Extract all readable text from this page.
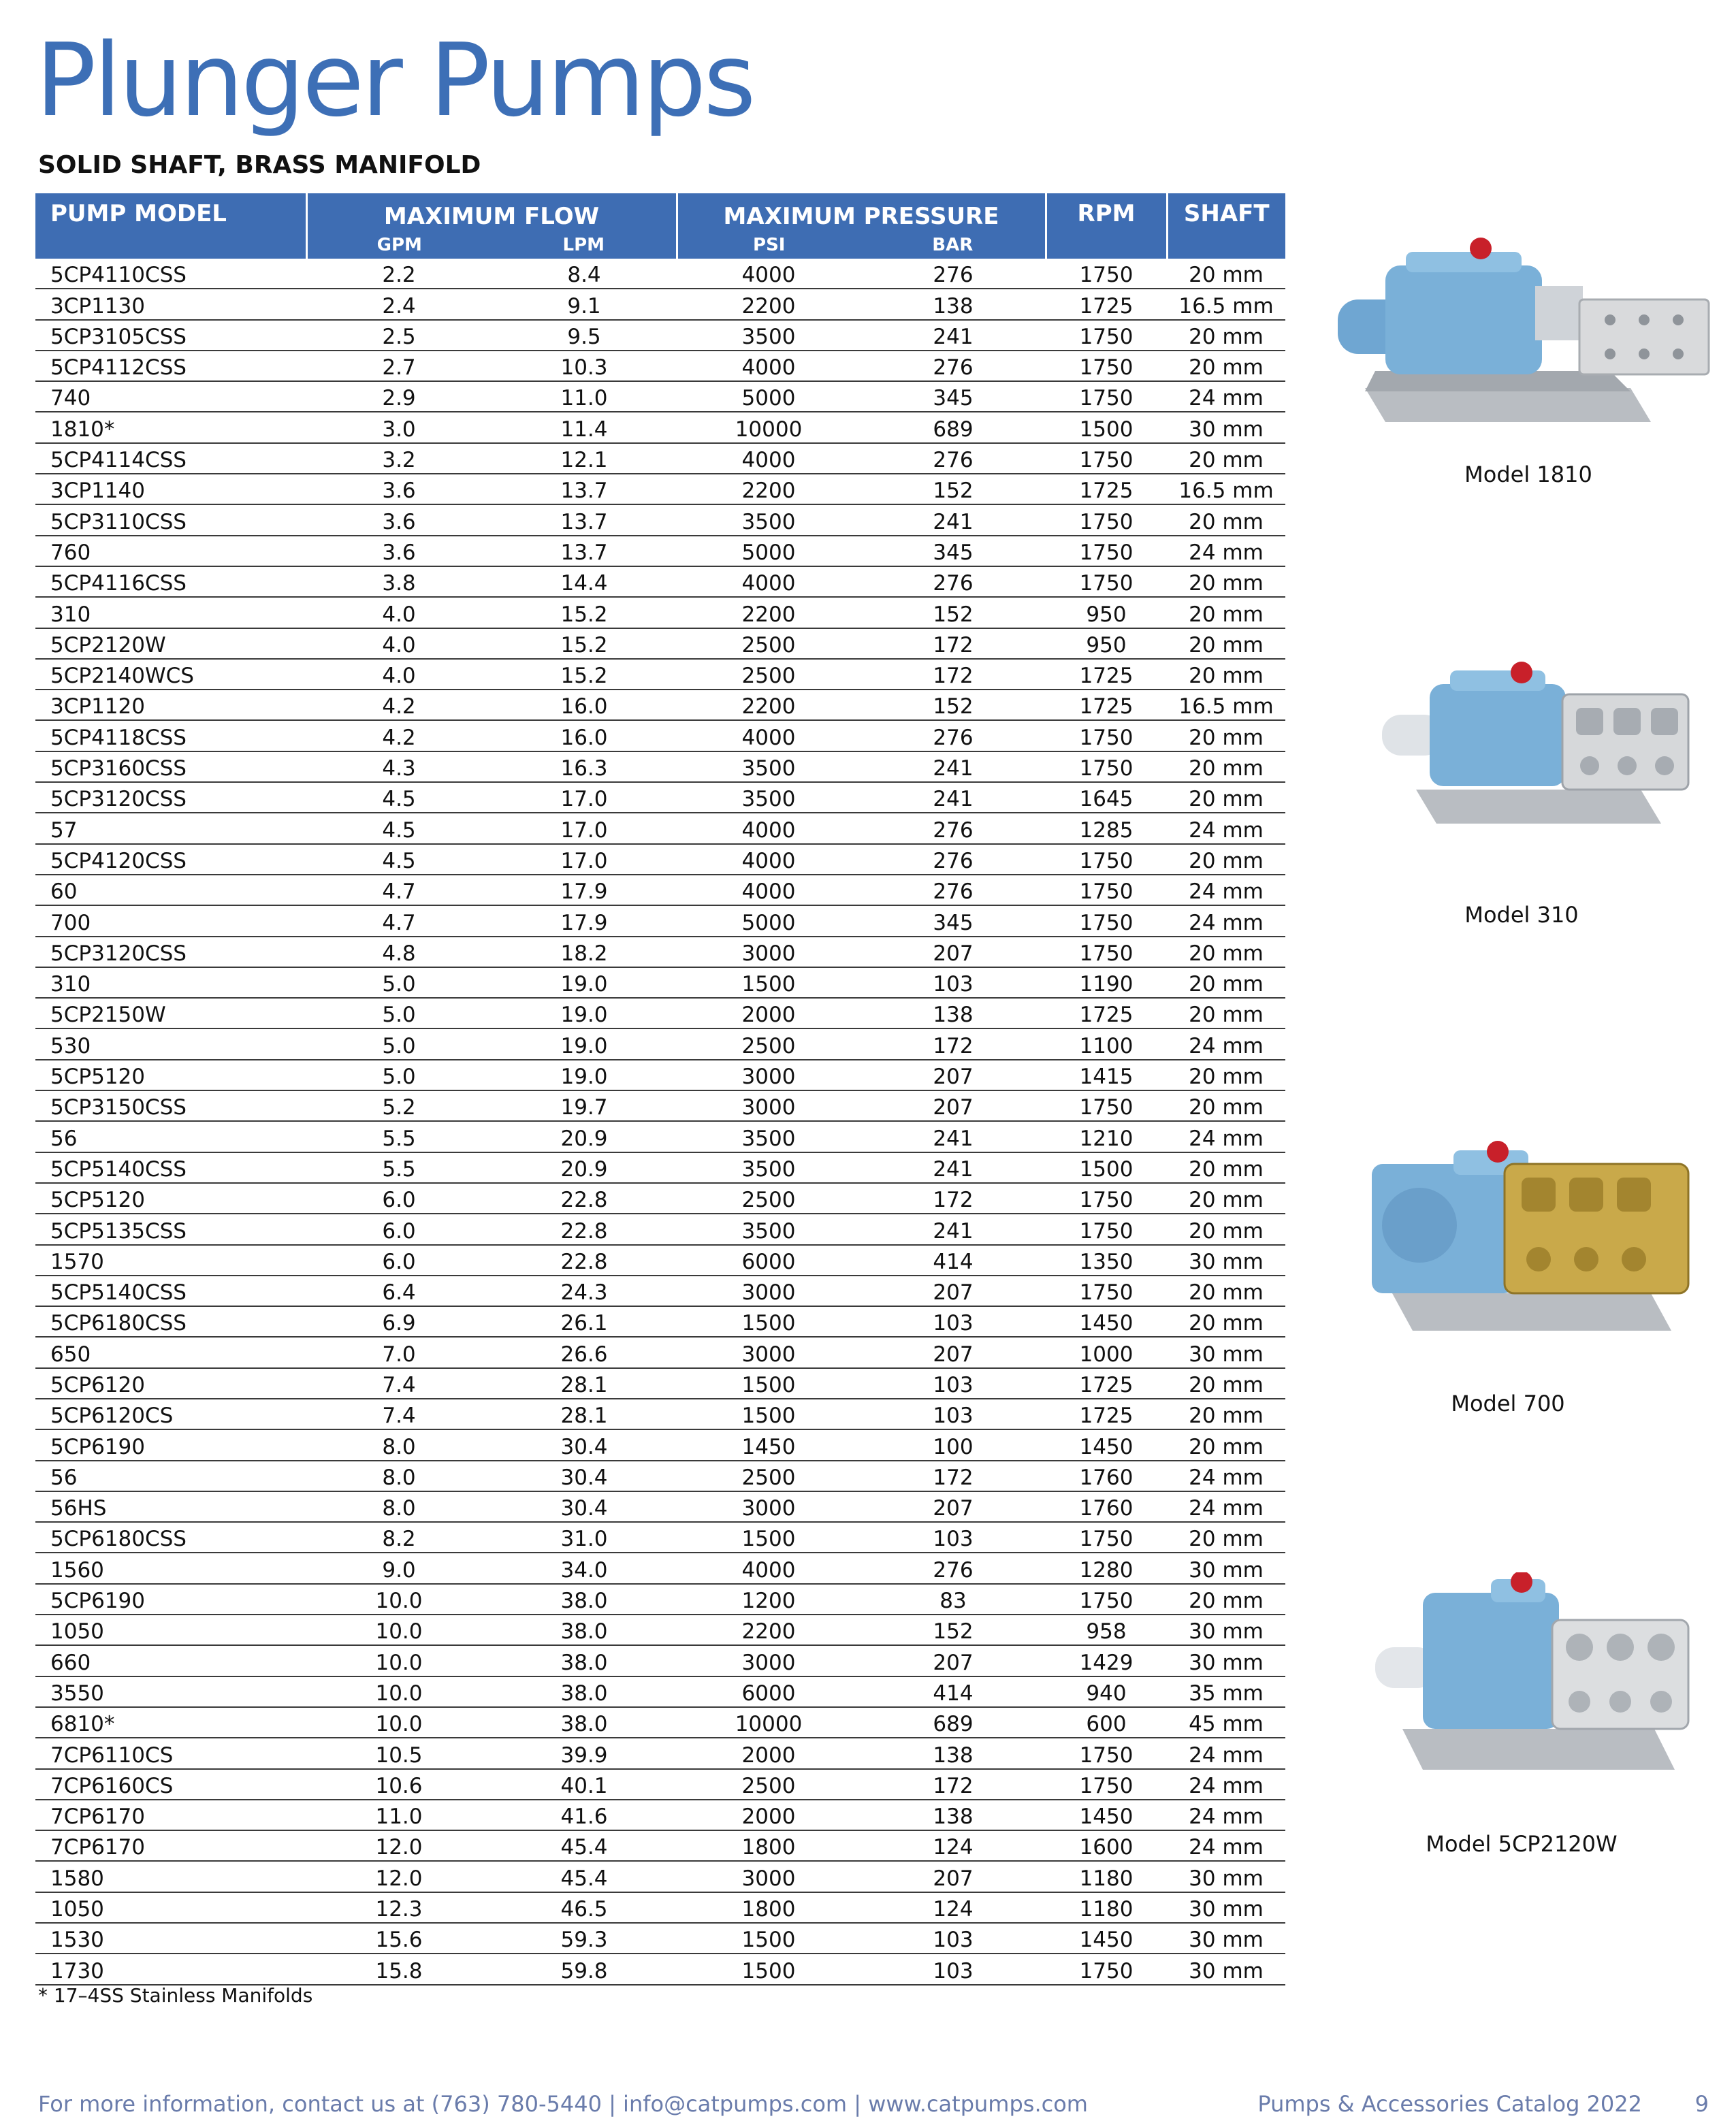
Plunger Pumps
SOLID SHAFT, BRASS MANIFOLD
PUMP MODEL	MAXIMUM FLOW		MAXIMUM PRESSURE		RPM	SHAFT
	GPM	LPM	PSI	BAR		
5CP4110CSS	2.2	8.4	4000	276	1750	20 mm
3CP1130	2.4	9.1	2200	138	1725	16.5 mm
5CP3105CSS	2.5	9.5	3500	241	1750	20 mm
5CP4112CSS	2.7	10.3	4000	276	1750	20 mm
740	2.9	11.0	5000	345	1750	24 mm
1810*	3.0	11.4	10000	689	1500	30 mm
5CP4114CSS	3.2	12.1	4000	276	1750	20 mm
3CP1140	3.6	13.7	2200	152	1725	16.5 mm
5CP3110CSS	3.6	13.7	3500	241	1750	20 mm
760	3.6	13.7	5000	345	1750	24 mm
5CP4116CSS	3.8	14.4	4000	276	1750	20 mm
310	4.0	15.2	2200	152	950	20 mm
5CP2120W	4.0	15.2	2500	172	950	20 mm
5CP2140WCS	4.0	15.2	2500	172	1725	20 mm
3CP1120	4.2	16.0	2200	152	1725	16.5 mm
5CP4118CSS	4.2	16.0	4000	276	1750	20 mm
5CP3160CSS	4.3	16.3	3500	241	1750	20 mm
5CP3120CSS	4.5	17.0	3500	241	1645	20 mm
57	4.5	17.0	4000	276	1285	24 mm
5CP4120CSS	4.5	17.0	4000	276	1750	20 mm
60	4.7	17.9	4000	276	1750	24 mm
700	4.7	17.9	5000	345	1750	24 mm
5CP3120CSS	4.8	18.2	3000	207	1750	20 mm
310	5.0	19.0	1500	103	1190	20 mm
5CP2150W	5.0	19.0	2000	138	1725	20 mm
530	5.0	19.0	2500	172	1100	24 mm
5CP5120	5.0	19.0	3000	207	1415	20 mm
5CP3150CSS	5.2	19.7	3000	207	1750	20 mm
56	5.5	20.9	3500	241	1210	24 mm
5CP5140CSS	5.5	20.9	3500	241	1500	20 mm
5CP5120	6.0	22.8	2500	172	1750	20 mm
5CP5135CSS	6.0	22.8	3500	241	1750	20 mm
1570	6.0	22.8	6000	414	1350	30 mm
5CP5140CSS	6.4	24.3	3000	207	1750	20 mm
5CP6180CSS	6.9	26.1	1500	103	1450	20 mm
650	7.0	26.6	3000	207	1000	30 mm
5CP6120	7.4	28.1	1500	103	1725	20 mm
5CP6120CS	7.4	28.1	1500	103	1725	20 mm
5CP6190	8.0	30.4	1450	100	1450	20 mm
56	8.0	30.4	2500	172	1760	24 mm
56HS	8.0	30.4	3000	207	1760	24 mm
5CP6180CSS	8.2	31.0	1500	103	1750	20 mm
1560	9.0	34.0	4000	276	1280	30 mm
5CP6190	10.0	38.0	1200	83	1750	20 mm
1050	10.0	38.0	2200	152	958	30 mm
660	10.0	38.0	3000	207	1429	30 mm
3550	10.0	38.0	6000	414	940	35 mm
6810*	10.0	38.0	10000	689	600	45 mm
7CP6110CS	10.5	39.9	2000	138	1750	24 mm
7CP6160CS	10.6	40.1	2500	172	1750	24 mm
7CP6170	11.0	41.6	2000	138	1450	24 mm
7CP6170	12.0	45.4	1800	124	1600	24 mm
1580	12.0	45.4	3000	207	1180	30 mm
1050	12.3	46.5	1800	124	1180	30 mm
1530	15.6	59.3	1500	103	1450	30 mm
1730	15.8	59.8	1500	103	1750	30 mm
* 17–4SS Stainless Manifolds
Model 1810
Model 310
Model 700
Model 5CP2120W
For more information, contact us at (763) 780-5440 | info@catpumps.com | www.catpumps.com	Pumps & Accessories Catalog 2022 9
